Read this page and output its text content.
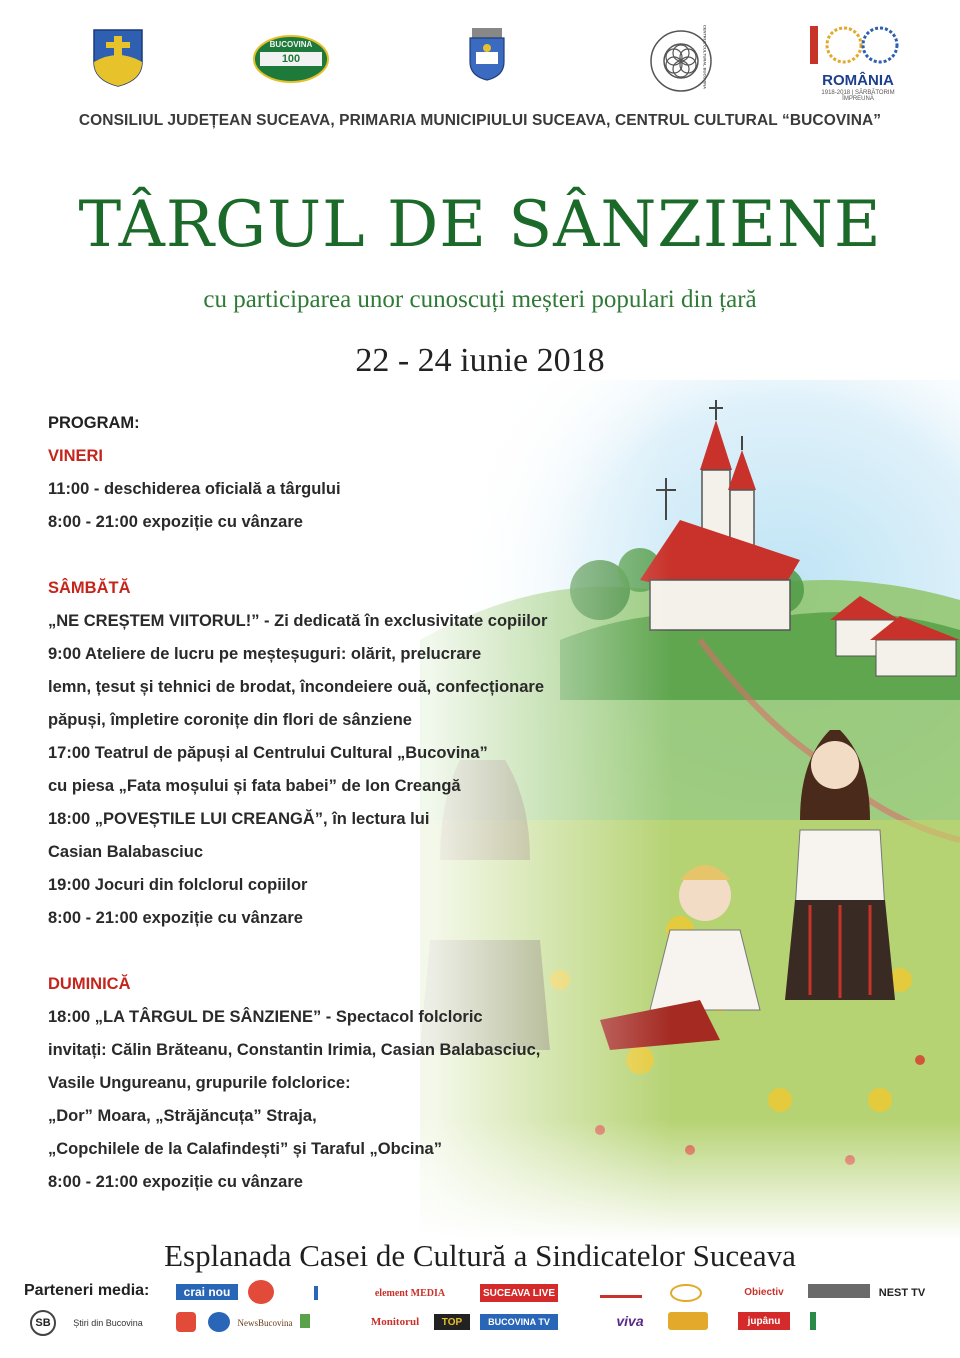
BUCOVINA
100	CENTRUL CULTURAL BUCOVINA	ROMÂNIA
1918-2018 | SĂRBĂTORIM ÎMPREUNĂ
CONSILIUL JUDEȚEAN SUCEAVA, PRIMARIA MUNICIPIULUI SUCEAVA, CENTRUL CULTURAL “BUCOVINA”
TÂRGUL DE SÂNZIENE
cu participarea unor cunoscuți meșteri populari din țară
22 - 24 iunie 2018
PROGRAM:
VINERI
11:00 - deschiderea oficială a târgului
8:00 - 21:00 expoziție cu vânzare
SÂMBĂTĂ
„NE CREȘTEM VIITORUL!” - Zi dedicată în exclusivitate copiilor
9:00 Ateliere de lucru pe meșteșuguri: olărit, prelucrare
lemn, țesut și tehnici de brodat, încondeiere ouă, confecționare
păpuși, împletire coronițe din flori de sânziene
17:00 Teatrul de păpuși al Centrului Cultural „Bucovina”
cu piesa „Fata moșului și fata babei” de Ion Creangă
18:00 „POVEȘTILE LUI CREANGĂ”, în lectura lui
Casian Balabasciuc
19:00 Jocuri din folclorul copiilor
8:00 - 21:00 expoziție cu vânzare
DUMINICĂ
18:00 „LA TÂRGUL DE SÂNZIENE” - Spectacol folcloric
invitați: Călin Brăteanu, Constantin Irimia, Casian Balabasciuc,
Vasile Ungureanu, grupurile folclorice:
„Dor” Moara, „Străjăncuța” Straja,
„Copchilele de la Calafindești” și Taraful „Obcina”
8:00 - 21:00 expoziție cu vânzare
Esplanada Casei de Cultură a Sindicatelor Suceava
Parteneri media:	crai nou	element MEDIA	SUCEAVA LIVE	Obiectiv	NEST TV
SB	Știri din Bucovina	NewsBucovina	Monitorul	TOP	BUCOVINA TV	viva	jupânu
